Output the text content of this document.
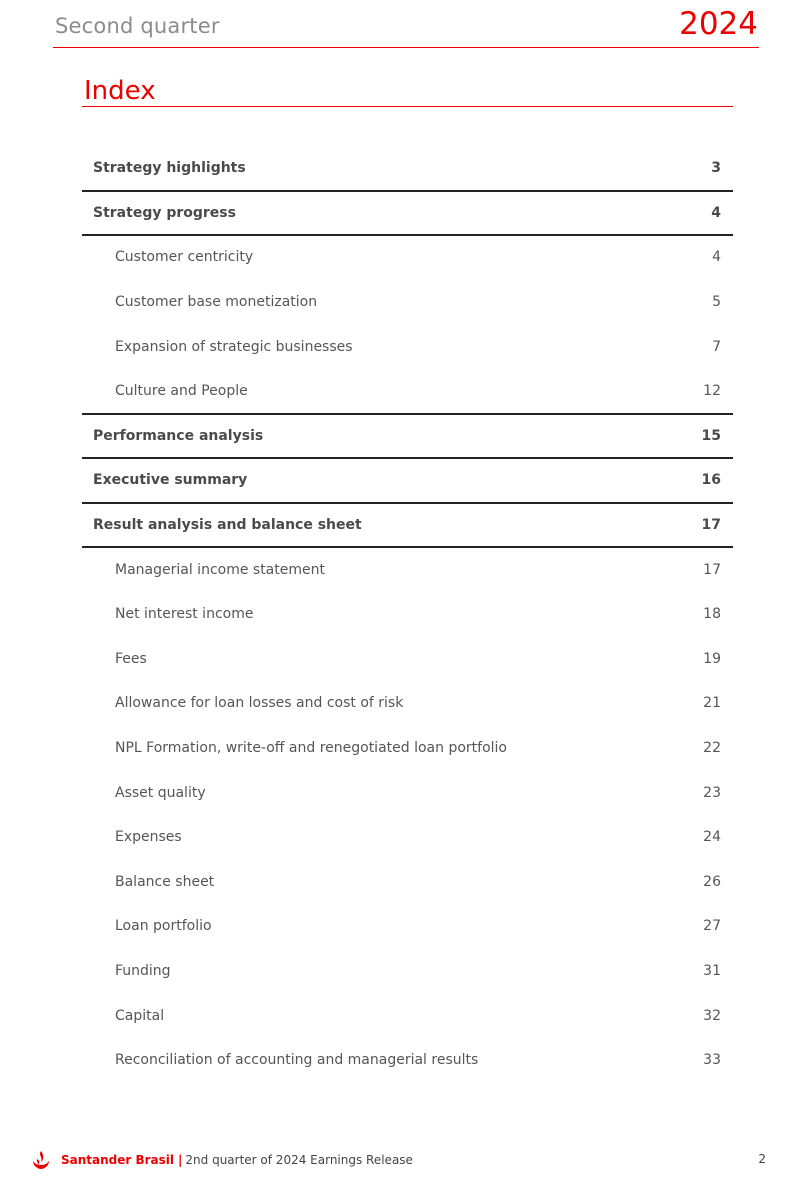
Second quarter	2024
Index
Strategy highlights	3
Strategy progress	4
Customer centricity	4
Customer base monetization	5
Expansion of strategic businesses	7
Culture and People	12
Performance analysis	15
Executive summary	16
Result analysis and balance sheet	17
Managerial income statement	17
Net interest income	18
Fees	19
Allowance for loan losses and cost of risk	21
NPL Formation, write-off and renegotiated loan portfolio	22
Asset quality	23
Expenses	24
Balance sheet	26
Loan portfolio	27
Funding	31
Capital	32
Reconciliation of accounting and managerial results	33
Santander Brasil | 2nd quarter of 2024 Earnings Release	2
